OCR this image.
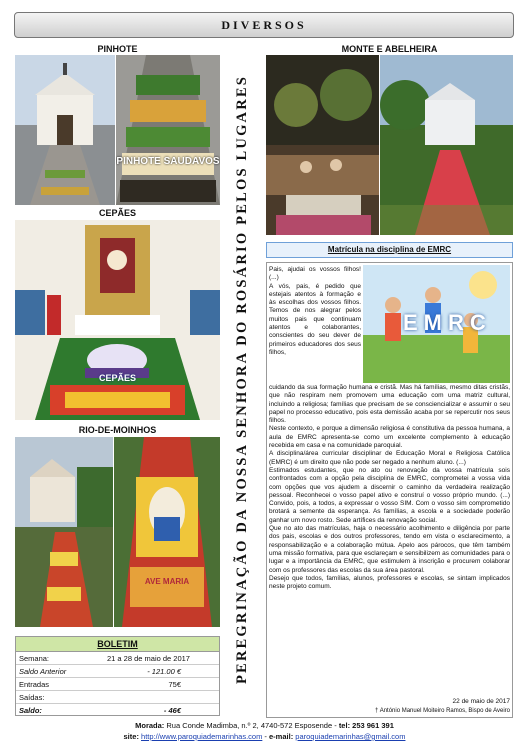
DIVERSOS
PINHOTE
CEPÃES
RIO-DE-MOINHOS
MONTE E ABELHEIRA
PINHOTE SAUDAVOS
CEPÃES
AVE MARIA	PEREGRINAÇÃO DA NOSSA SENHORA DO ROSÁRIO PELOS LUGARES
BOLETIM
Semana:	21 a 28 de maio de 2017
Saldo Anterior	- 121.00 €
Entradas	75€
Saídas:
Saldo:	- 46€
Matrícula na disciplina de EMRC
EMRC

Pais, ajudai os vossos filhos! (...)

A vós, pais, é pedido que estejais atentos à formação e às escolhas dos vossos filhos. Temos de nos alegrar pelos muitos pais que continuam atentos e colaborantes, conscientes do seu dever de primeiros educadores dos seus filhos,

cuidando da sua formação humana e cristã. Mas há famílias, mesmo ditas cristãs, que não respiram nem promovem uma educação com uma matriz cultural, incluindo a religiosa; famílias que precisam de se consciencializar e assumir o seu papel no processo educativo, pois esta demissão acaba por se repercutir nos seus filhos.

Neste contexto, e porque a dimensão religiosa é constitutiva da pessoa humana, a aula de EMRC apresenta-se como um excelente complemento à educação recebida em casa e na comunidade paroquial.

A disciplina/área curricular disciplinar de Educação Moral e Religiosa Católica (EMRC) é um direito que não pode ser negado a nenhum aluno. (...)

Estimados estudantes, que no ato ou renovação da vossa matrícula sois confrontados com a opção pela disciplina de EMRC, comprometei a vossa vida com opções que vos ajudem a discernir o caminho da verdadeira realização pessoal. Reconhecei o vosso papel ativo e construí o vosso próprio mundo. (...) Convido, pois, a todos, a expressar o vosso SIM. Com o vosso sim comprometido brotará a semente da esperança. As famílias, a escola e a sociedade poderão ganhar um novo rosto. Sede artífices da renovação social.

Que no ato das matrículas, haja o necessário acolhimento e diligência por parte dos pais, escolas e dos outros professores, tendo em vista o esclarecimento, a responsabilização e a colaboração mútua. Apelo aos párocos, que têm também uma missão formativa, para que esclareçam e sensibilizem as comunidades para o lugar e a importância da EMRC, que estimulem à inscrição e procurem colaborar com os professores das escolas da sua área pastoral.

Desejo que todos, famílias, alunos, professores e escolas, se sintam implicados neste projeto comum.

22 de maio de 2017
† António Manuel Moiteiro Ramos, Bispo de Aveiro
Morada: Rua Conde Madimba, n.º 2, 4740-572 Esposende - tel: 253 961 391
site: http://www.paroquiademarinhas.com - e-mail: paroquiademarinhas@gmail.com
